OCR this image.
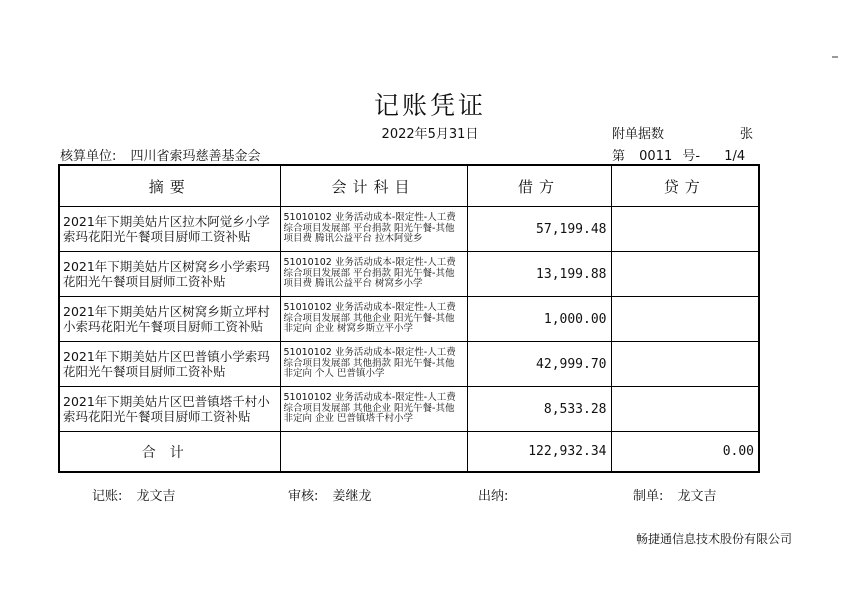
记账凭证
2022年5月31日	附单据数	张
核算单位: 四川省索玛慈善基金会	第 0011 号- 1/4
摘要	会计科目	借方	贷方
2021年下期美姑片区拉木阿觉乡小学索玛花阳光午餐项目厨师工资补贴	51010102 业务活动成本-限定性-人工费 综合项目发展部 平台捐款 阳光午餐-其他 项目费 腾讯公益平台 拉木阿觉乡	57,199.48	
2021年下期美姑片区树窝乡小学索玛花阳光午餐项目厨师工资补贴	51010102 业务活动成本-限定性-人工费 综合项目发展部 平台捐款 阳光午餐-其他 项目费 腾讯公益平台 树窝乡小学	13,199.88	
2021年下期美姑片区树窝乡斯立坪村小索玛花阳光午餐项目厨师工资补贴	51010102 业务活动成本-限定性-人工费 综合项目发展部 其他企业 阳光午餐-其他 非定向 企业 树窝乡斯立平小学	1,000.00	
2021年下期美姑片区巴普镇小学索玛花阳光午餐项目厨师工资补贴	51010102 业务活动成本-限定性-人工费 综合项目发展部 其他捐款 阳光午餐-其他 非定向 个人 巴普镇小学	42,999.70	
2021年下期美姑片区巴普镇塔千村小索玛花阳光午餐项目厨师工资补贴	51010102 业务活动成本-限定性-人工费 综合项目发展部 其他企业 阳光午餐-其他 非定向 企业 巴普镇塔千村小学	8,533.28	
合计		122,932.34	0.00
记账: 龙文吉	审核: 姜继龙	出纳:	制单: 龙文吉
畅捷通信息技术股份有限公司
